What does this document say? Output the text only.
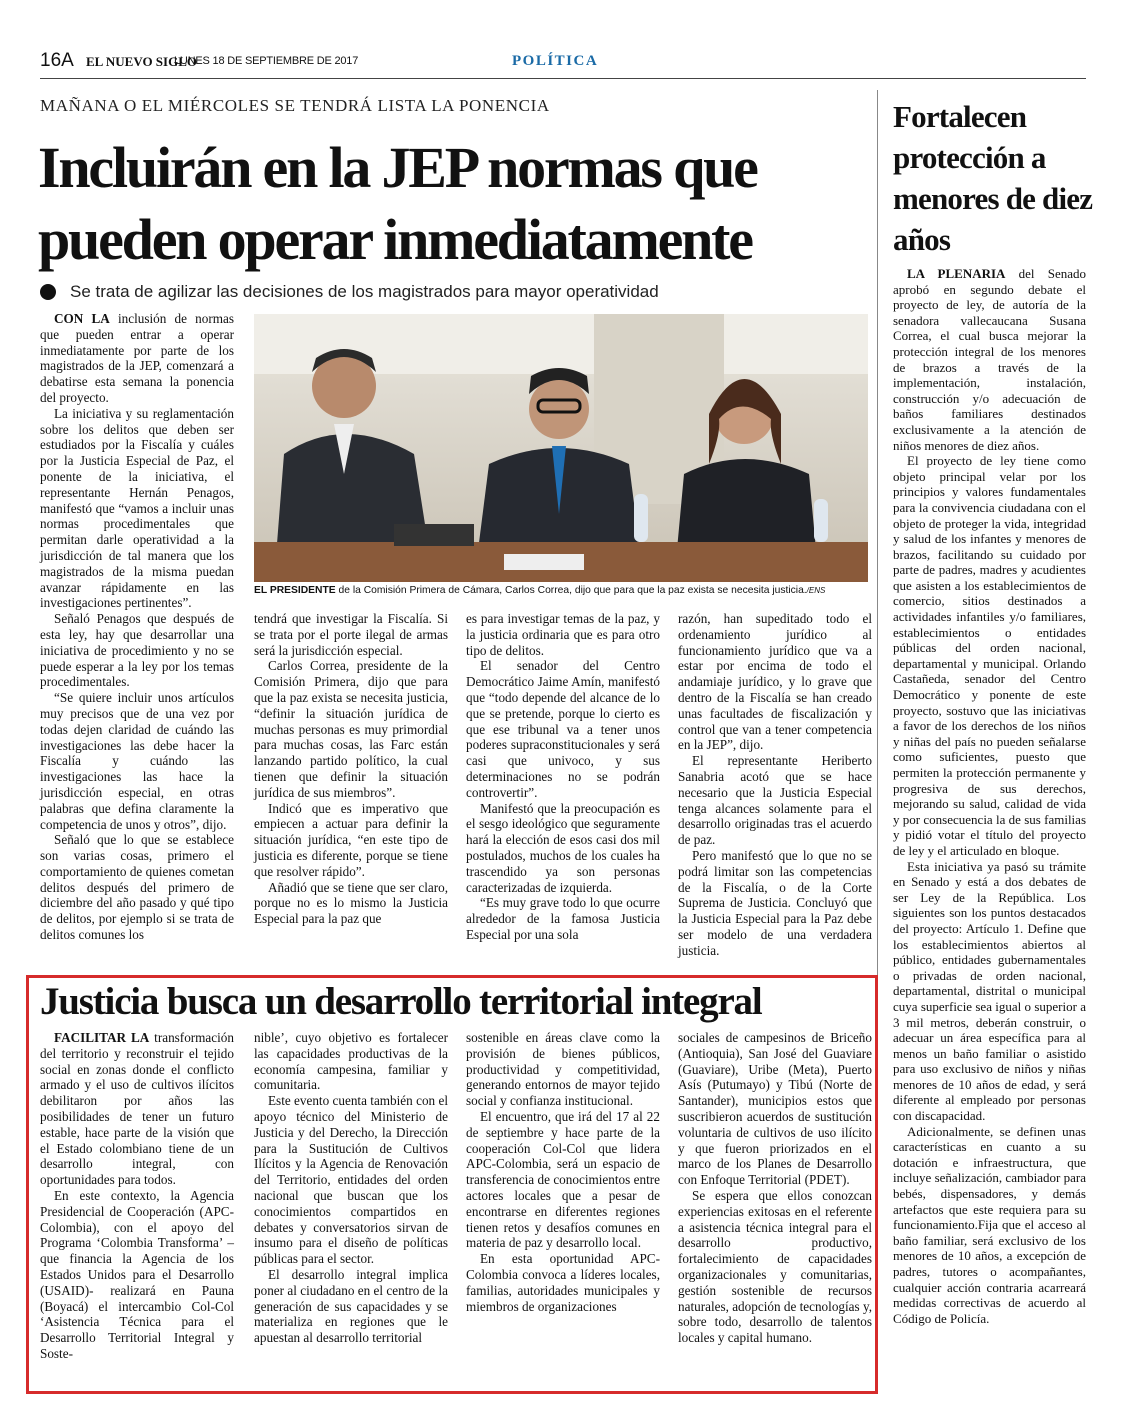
16A EL NUEVO SIGLO
LUNES 18 DE SEPTIEMBRE DE 2017	POLÍTICA
MAÑANA O EL MIÉRCOLES SE TENDRÁ LISTA LA PONENCIA
Incluirán en la JEP normas que pueden operar inmediatamente
Se trata de agilizar las decisiones de los magistrados para mayor operatividad

CON LA inclusión de normas que pueden entrar a operar inmediatamente por parte de los magistrados de la JEP, comenzará a debatirse esta semana la ponencia del proyecto.

La iniciativa y su reglamentación sobre los delitos que deben ser estudiados por la Fiscalía y cuáles por la Justicia Especial de Paz, el ponente de la iniciativa, el representante Hernán Penagos, manifestó que “vamos a incluir unas normas procedimentales que permitan darle operatividad a la jurisdicción de tal manera que los magistrados de la misma puedan avanzar rápidamente en las investigaciones pertinentes”.

Señaló Penagos que después de esta ley, hay que desarrollar una iniciativa de procedimiento y no se puede esperar a la ley por los temas procedimentales.

“Se quiere incluir unos artículos muy precisos que de una vez por todas dejen claridad de cuándo las investigaciones las debe hacer la Fiscalía y cuándo las investigaciones las hace la jurisdicción especial, en otras palabras que defina claramente la competencia de unos y otros”, dijo.

Señaló que lo que se establece son varias cosas, primero el comportamiento de quienes cometan delitos después del primero de diciembre del año pasado y qué tipo de delitos, por ejemplo si se trata de delitos comunes los

EL PRESIDENTE de la Comisión Primera de Cámara, Carlos Correa, dijo que para que la paz exista se necesita justicia./ENS

tendrá que investigar la Fiscalía. Si se trata por el porte ilegal de armas será la jurisdicción especial.

Carlos Correa, presidente de la Comisión Primera, dijo que para que la paz exista se necesita justicia, “definir la situación jurídica de muchas personas es muy primordial para muchas cosas, las Farc están lanzando partido político, la cual tienen que definir la situación jurídica de sus miembros”.

Indicó que es imperativo que empiecen a actuar para definir la situación jurídica, “en este tipo de justicia es diferente, porque se tiene que resolver rápido”.

Añadió que se tiene que ser claro, porque no es lo mismo la Justicia Especial para la paz que

es para investigar temas de la paz, y la justicia ordinaria que es para otro tipo de delitos.

El senador del Centro Democrático Jaime Amín, manifestó que “todo depende del alcance de lo que se pretende, porque lo cierto es que ese tribunal va a tener unos poderes supraconstitucionales y será casi que univoco, y sus determinaciones no se podrán controvertir”.

Manifestó que la preocupación es el sesgo ideológico que seguramente hará la elección de esos casi dos mil postulados, muchos de los cuales ha trascendido ya son personas caracterizadas de izquierda.

“Es muy grave todo lo que ocurre alrededor de la famosa Justicia Especial por una sola

razón, han supeditado todo el ordenamiento jurídico al funcionamiento jurídico que va a estar por encima de todo el andamiaje jurídico, y lo grave que dentro de la Fiscalía se han creado unas facultades de fiscalización y control que van a tener competencia en la JEP”, dijo.

El representante Heriberto Sanabria acotó que se hace necesario que la Justicia Especial tenga alcances solamente para el desarrollo originadas tras el acuerdo de paz.

Pero manifestó que lo que no se podrá limitar son las competencias de la Fiscalía, o de la Corte Suprema de Justicia. Concluyó que la Justicia Especial para la Paz debe ser modelo de una verdadera justicia.

Fortalecen protección a menores de diez años

LA PLENARIA del Senado aprobó en segundo debate el proyecto de ley, de autoría de la senadora vallecaucana Susana Correa, el cual busca mejorar la protección integral de los menores de brazos a través de la implementación, instalación, construcción y/o adecuación de baños familiares destinados exclusivamente a la atención de niños menores de diez años.

El proyecto de ley tiene como objeto principal velar por los principios y valores fundamentales para la convivencia ciudadana con el objeto de proteger la vida, integridad y salud de los infantes y menores de brazos, facilitando su cuidado por parte de padres, madres y acudientes que asisten a los establecimientos de comercio, sitios destinados a actividades infantiles y/o familiares, establecimientos o entidades públicas del orden nacional, departamental y municipal. Orlando Castañeda, senador del Centro Democrático y ponente de este proyecto, sostuvo que las iniciativas a favor de los derechos de los niños y niñas del país no pueden señalarse como suficientes, puesto que permiten la protección permanente y progresiva de sus derechos, mejorando su salud, calidad de vida y por consecuencia la de sus familias y pidió votar el título del proyecto de ley y el articulado en bloque.

Esta iniciativa ya pasó su trámite en Senado y está a dos debates de ser Ley de la República. Los siguientes son los puntos destacados del proyecto: Artículo 1. Define que los establecimientos abiertos al público, entidades gubernamentales o privadas de orden nacional, departamental, distrital o municipal cuya superficie sea igual o superior a 3 mil metros, deberán construir, o adecuar un área específica para al menos un baño familiar o asistido para uso exclusivo de niños y niñas menores de 10 años de edad, y será diferente al empleado por personas con discapacidad.

Adicionalmente, se definen unas características en cuanto a su dotación e infraestructura, que incluye señalización, cambiador para bebés, dispensadores, y demás artefactos que este requiera para su funcionamiento.Fija que el acceso al baño familiar, será exclusivo de los menores de 10 años, a excepción de padres, tutores o acompañantes, cualquier acción contraria acarreará medidas correctivas de acuerdo al Código de Policía.

Justicia busca un desarrollo territorial integral

FACILITAR LA transformación del territorio y reconstruir el tejido social en zonas donde el conflicto armado y el uso de cultivos ilícitos debilitaron por años las posibilidades de tener un futuro estable, hace parte de la visión que el Estado colombiano tiene de un desarrollo integral, con oportunidades para todos.

En este contexto, la Agencia Presidencial de Cooperación (APC-Colombia), con el apoyo del Programa ‘Colombia Transforma’ –que financia la Agencia de los Estados Unidos para el Desarrollo (USAID)- realizará en Pauna (Boyacá) el intercambio Col-Col ‘Asistencia Técnica para el Desarrollo Territorial Integral y Soste-

nible’, cuyo objetivo es fortalecer las capacidades productivas de la economía campesina, familiar y comunitaria.

Este evento cuenta también con el apoyo técnico del Ministerio de Justicia y del Derecho, la Dirección para la Sustitución de Cultivos Ilícitos y la Agencia de Renovación del Territorio, entidades del orden nacional que buscan que los conocimientos compartidos en debates y conversatorios sirvan de insumo para el diseño de políticas públicas para el sector.

El desarrollo integral implica poner al ciudadano en el centro de la generación de sus capacidades y se materializa en regiones que le apuestan al desarrollo territorial

sostenible en áreas clave como la provisión de bienes públicos, productividad y competitividad, generando entornos de mayor tejido social y confianza institucional.

El encuentro, que irá del 17 al 22 de septiembre y hace parte de la cooperación Col-Col que lidera APC-Colombia, será un espacio de transferencia de conocimientos entre actores locales que a pesar de encontrarse en diferentes regiones tienen retos y desafíos comunes en materia de paz y desarrollo local.

En esta oportunidad APC-Colombia convoca a líderes locales, familias, autoridades municipales y miembros de organizaciones

sociales de campesinos de Briceño (Antioquia), San José del Guaviare (Guaviare), Uribe (Meta), Puerto Asís (Putumayo) y Tibú (Norte de Santander), municipios estos que suscribieron acuerdos de sustitución voluntaria de cultivos de uso ilícito y que fueron priorizados en el marco de los Planes de Desarrollo con Enfoque Territorial (PDET).

Se espera que ellos conozcan experiencias exitosas en el referente a asistencia técnica integral para el desarrollo productivo, fortalecimiento de capacidades organizacionales y comunitarias, gestión sostenible de recursos naturales, adopción de tecnologías y, sobre todo, desarrollo de talentos locales y capital humano.
